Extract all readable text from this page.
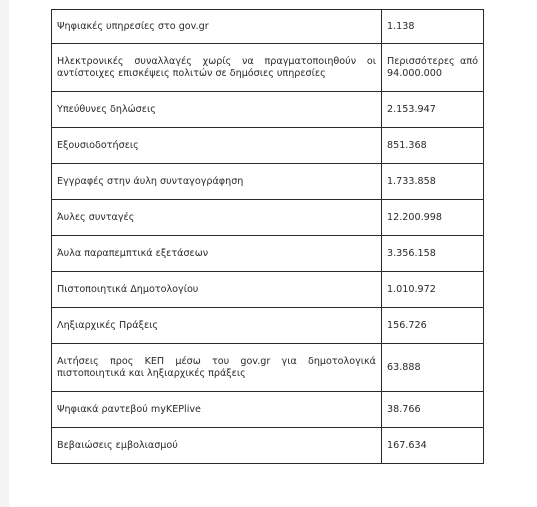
Ψηφιακές υπηρεσίες στο gov.gr	1.138
Ηλεκτρονικές συναλλαγές χωρίς να πραγματοποιηθούν οι αντίστοιχες επισκέψεις πολιτών σε δημόσιες υπηρεσίες	Περισσότερες από 94.000.000
Υπεύθυνες δηλώσεις	2.153.947
Εξουσιοδοτήσεις	851.368
Εγγραφές στην άυλη συνταγογράφηση	1.733.858
Άυλες συνταγές	12.200.998
Άυλα παραπεμπτικά εξετάσεων	3.356.158
Πιστοποιητικά Δημοτολογίου	1.010.972
Ληξιαρχικές Πράξεις	156.726
Αιτήσεις προς ΚΕΠ μέσω του gov.gr για δημοτολογικά πιστοποιητικά και ληξιαρχικές πράξεις	63.888
Ψηφιακά ραντεβού myKEPlive	38.766
Βεβαιώσεις εμβολιασμού	167.634
